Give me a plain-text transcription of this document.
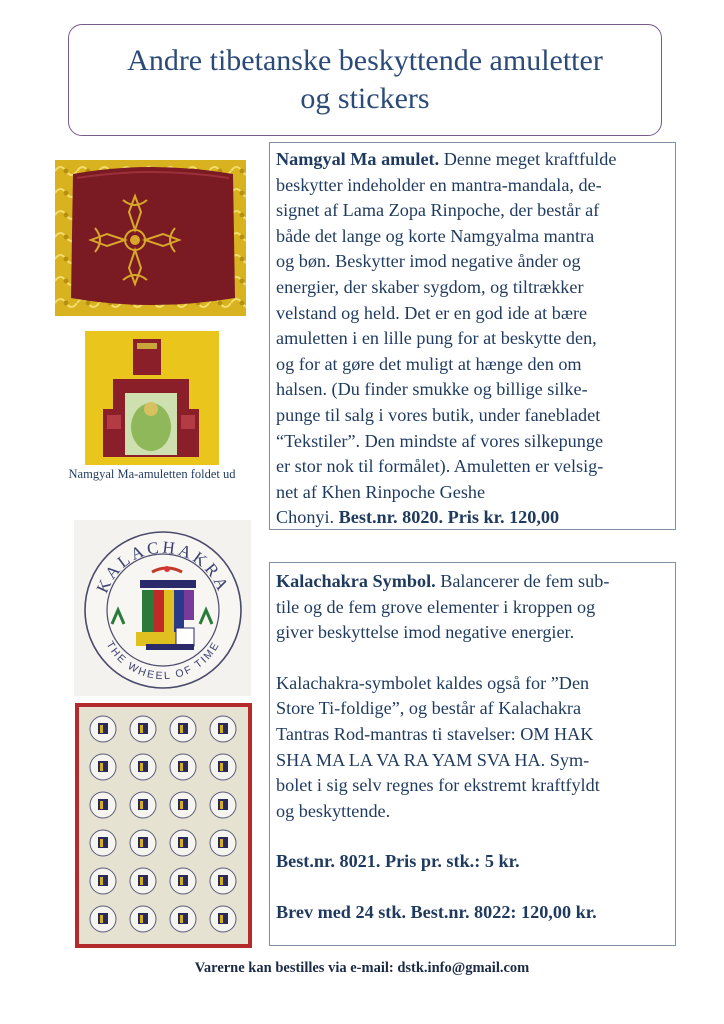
Andre tibetanske beskyttende amuletter
og stickers
Namgyal Ma-amuletten foldet ud

Namgyal Ma amulet. Denne meget kraftfulde
beskytter indeholder en mantra-mandala, de-
signet af Lama Zopa Rinpoche, der består af
både det lange og korte Namgyalma mantra
og bøn. Beskytter imod negative ånder og
energier, der skaber sygdom, og tiltrækker
velstand og held. Det er en god ide at bære
amuletten i en lille pung for at beskytte den,
og for at gøre det muligt at hænge den om
halsen. (Du finder smukke og billige silke-
punge til salg i vores butik, under fanebladet
“Tekstiler”. Den mindste af vores silkepunge
er stor nok til formålet). Amuletten er velsig-
net af Khen Rinpoche Geshe
Chonyi. Best.nr. 8020. Pris kr. 120,00

KALACHAKRA
THE WHEEL OF TIME

Kalachakra Symbol. Balancerer de fem sub-
tile og de fem grove elementer i kroppen og
giver beskyttelse imod negative energier.

Kalachakra-symbolet kaldes også for ”Den
Store Ti-foldige”, og består af Kalachakra
Tantras Rod-mantras ti stavelser: OM HAK
SHA MA LA VA RA YAM SVA HA. Sym-
bolet i sig selv regnes for ekstremt kraftfyldt
og beskyttende.

Best.nr. 8021. Pris pr. stk.: 5 kr.

Brev med 24 stk. Best.nr. 8022: 120,00 kr.

Varerne kan bestilles via e-mail: dstk.info@gmail.com
